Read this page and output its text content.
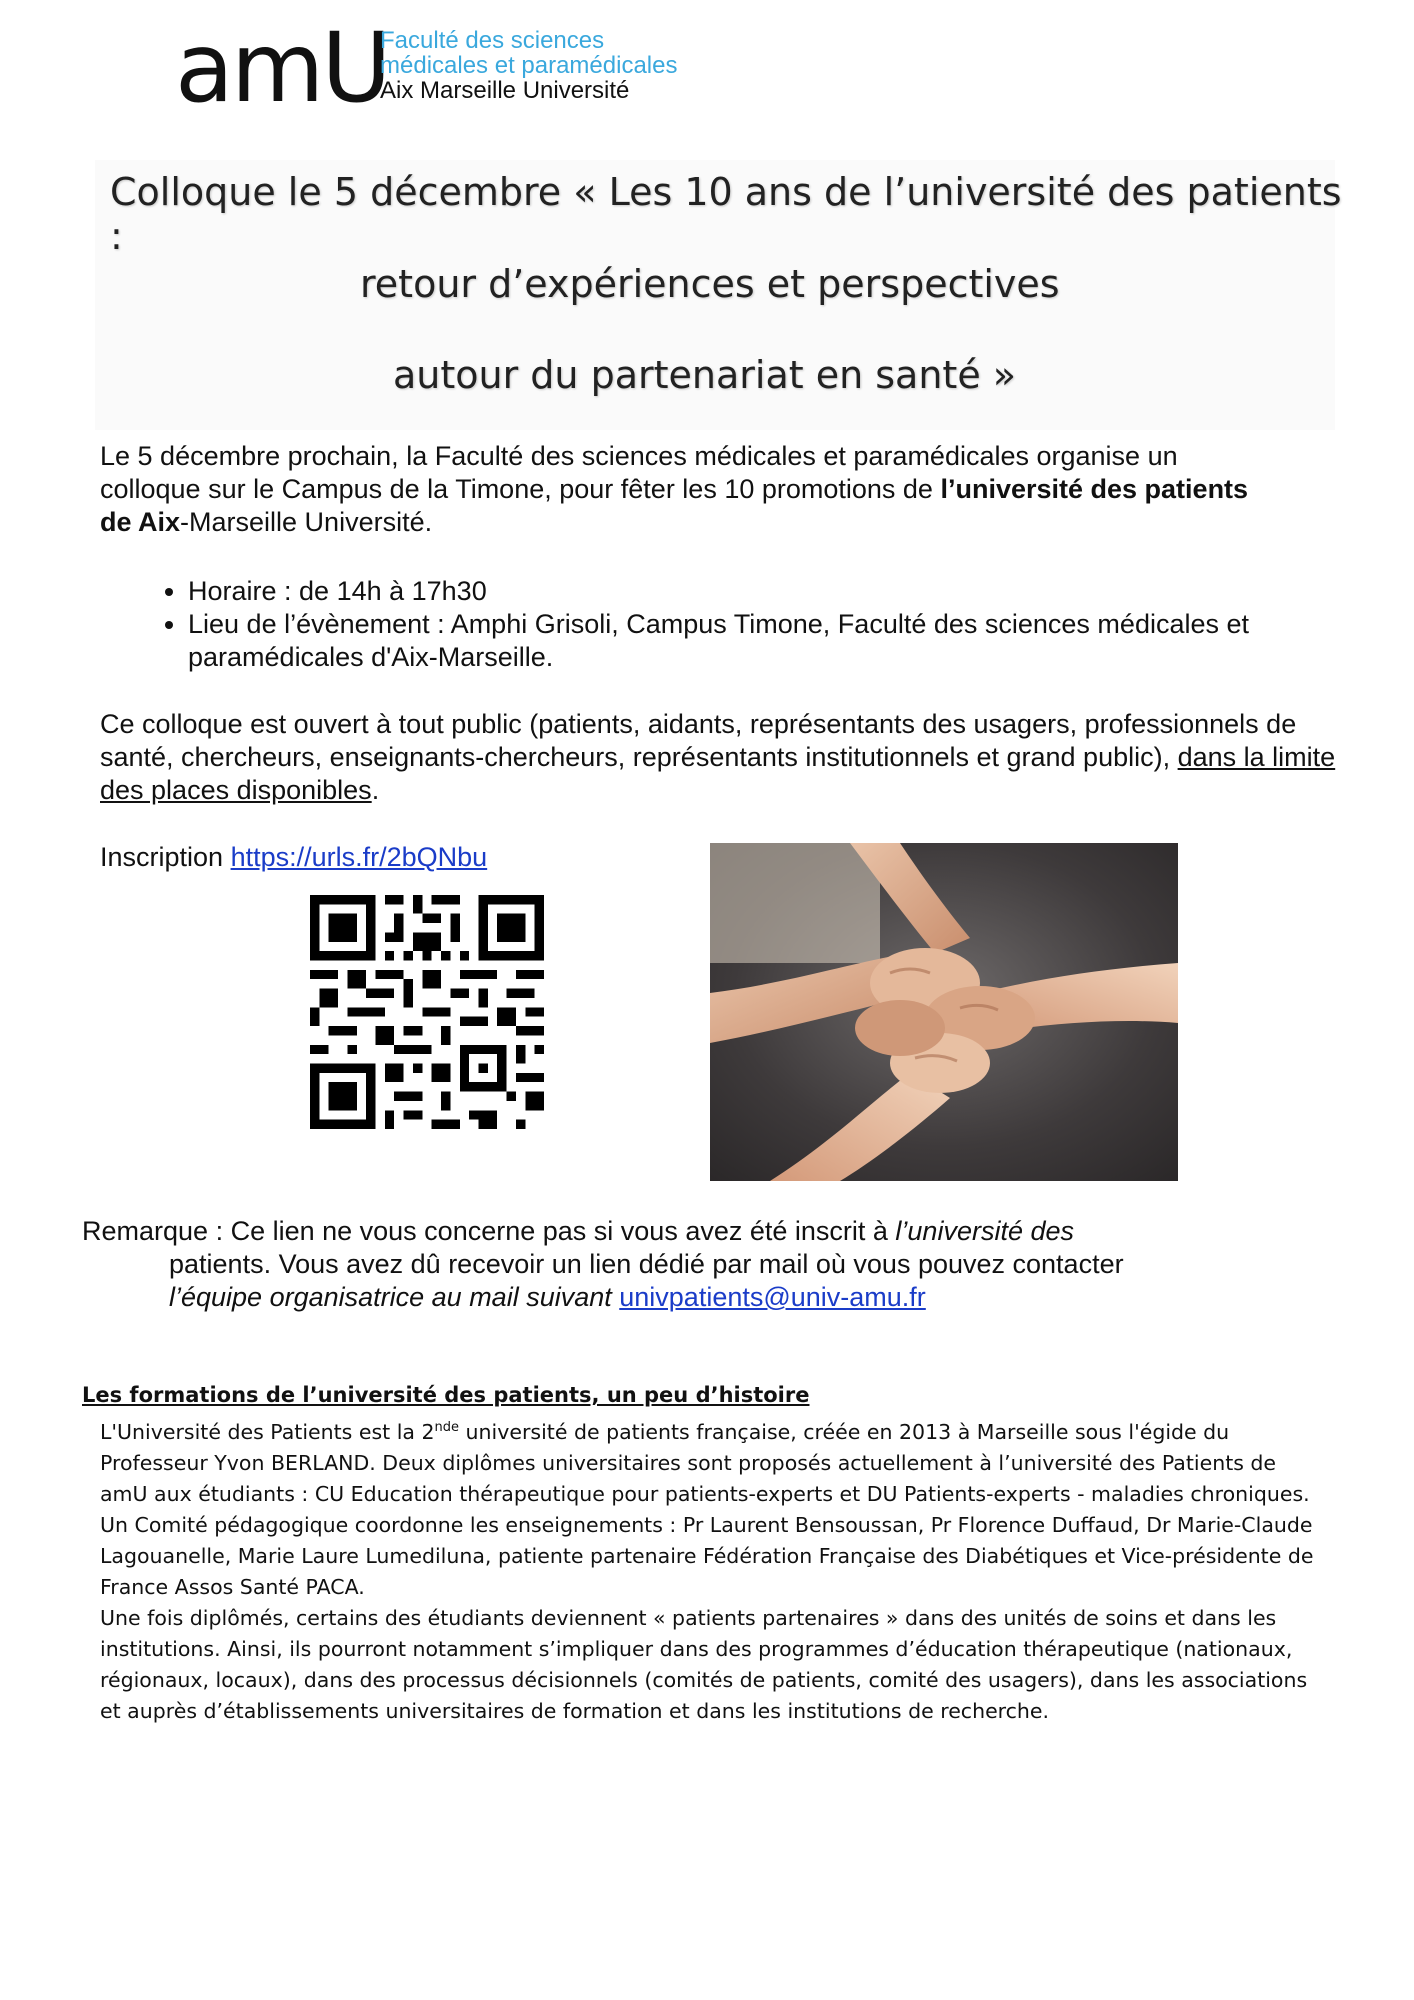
amU
Faculté des sciences
médicales et paramédicales
Aix Marseille Université
Colloque le 5 décembre « Les 10 ans de l’université des patients :
retour d’expériences et perspectives
autour du partenariat en santé »
Le 5 décembre prochain, la Faculté des sciences médicales et paramédicales organise un colloque sur le Campus de la Timone, pour fêter les 10 promotions de l’université des patients de Aix-Marseille Université.
• Horaire : de 14h à 17h30
• Lieu de l’évènement : Amphi Grisoli, Campus Timone, Faculté des sciences médicales et paramédicales d'Aix-Marseille.
Ce colloque est ouvert à tout public (patients, aidants, représentants des usagers, professionnels de santé, chercheurs, enseignants-chercheurs, représentants institutionnels et grand public), dans la limite des places disponibles.
Inscription https://urls.fr/2bQNbu
Remarque : Ce lien ne vous concerne pas si vous avez été inscrit à l’université des
patients. Vous avez dû recevoir un lien dédié par mail où vous pouvez contacter
l’équipe organisatrice au mail suivant univpatients@univ-amu.fr
Les formations de l’université des patients, un peu d’histoire

L'Université des Patients est la 2nde université de patients française, créée en 2013 à Marseille sous l'égide du Professeur Yvon BERLAND. Deux diplômes universitaires sont proposés actuellement à l’université des Patients de amU aux étudiants : CU Education thérapeutique pour patients-experts et DU Patients-experts - maladies chroniques.

Un Comité pédagogique coordonne les enseignements : Pr Laurent Bensoussan, Pr Florence Duffaud, Dr Marie-Claude Lagouanelle, Marie Laure Lumediluna, patiente partenaire Fédération Française des Diabétiques et Vice-présidente de France Assos Santé PACA.

Une fois diplômés, certains des étudiants deviennent « patients partenaires » dans des unités de soins et dans les institutions. Ainsi, ils pourront notamment s’impliquer dans des programmes d’éducation thérapeutique (nationaux, régionaux, locaux), dans des processus décisionnels (comités de patients, comité des usagers), dans les associations et auprès d’établissements universitaires de formation et dans les institutions de recherche.
